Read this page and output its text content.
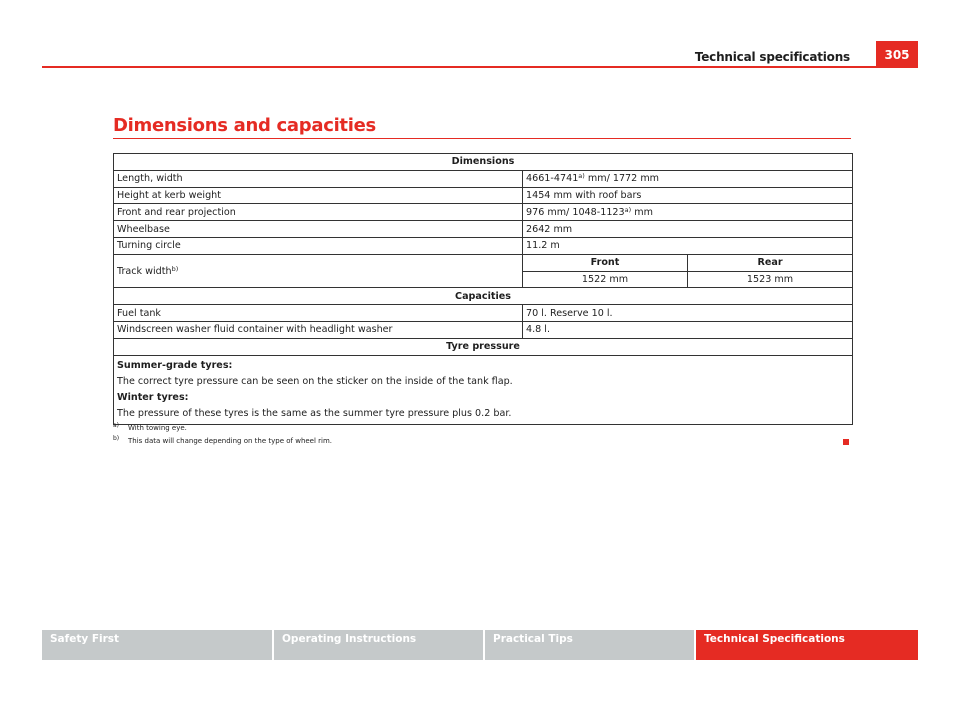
Technical specifications	305
Dimensions and capacities
Dimensions		
Length, width	4661-4741$^{a)}$ mm/ 1772 mm	
Height at kerb weight	1454 mm with roof bars	
Front and rear projection	976 mm/ 1048-1123$^{a)}$ mm	
Wheelbase	2642 mm	
Turning circle	11.2 m	
Track width$^{b)}$	Front	Rear
	1522 mm	1523 mm
Capacities		
Fuel tank	70 l. Reserve 10 l.	
Windscreen washer fluid container with headlight washer	4.8 l.	
Tyre pressure		

Summer-grade tyres:
The correct tyre pressure can be seen on the sticker on the inside of the tank flap.
Winter tyres:
The pressure of these tyres is the same as the summer tyre pressure plus 0.2 bar.		
a)	With towing eye.
b)	This data will change depending on the type of wheel rim.
Safety First	Operating Instructions	Practical Tips	Technical Specifications
